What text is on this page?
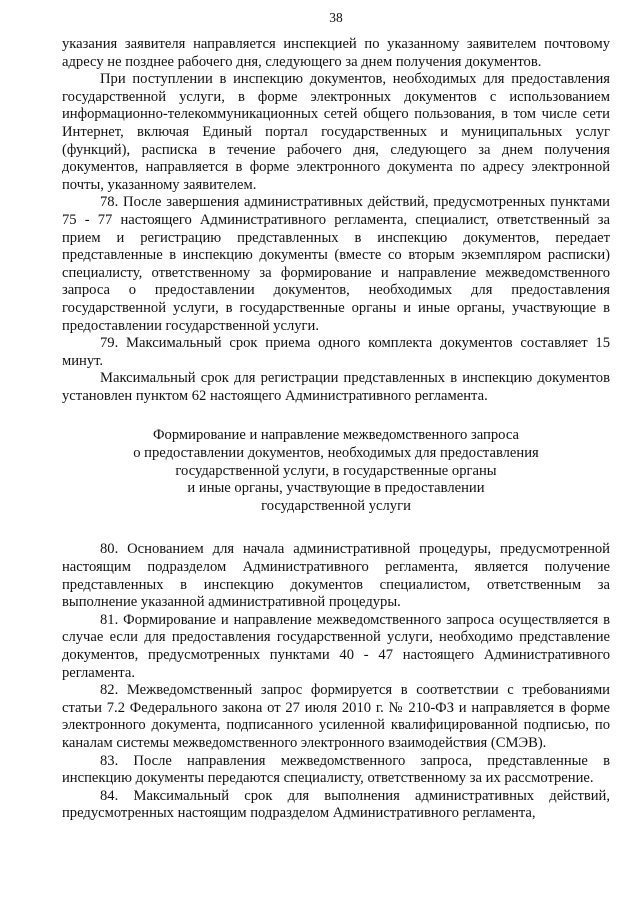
38

указания заявителя направляется инспекцией по указанному заявителем почтовому адресу не позднее рабочего дня, следующего за днем получения документов.

При поступлении в инспекцию документов, необходимых для предоставления государственной услуги, в форме электронных документов с использованием информационно-телекоммуникационных сетей общего пользования, в том числе сети Интернет, включая Единый портал государственных и муниципальных услуг (функций), расписка в течение рабочего дня, следующего за днем получения документов, направляется в форме электронного документа по адресу электронной почты, указанному заявителем.

78. После завершения административных действий, предусмотренных пунктами 75 - 77 настоящего Административного регламента, специалист, ответственный за прием и регистрацию представленных в инспекцию документов, передает представленные в инспекцию документы (вместе со вторым экземпляром расписки) специалисту, ответственному за формирование и направление межведомственного запроса о предоставлении документов, необходимых для предоставления государственной услуги, в государственные органы и иные органы, участвующие в предоставлении государственной услуги.

79. Максимальный срок приема одного комплекта документов составляет 15 минут.

Максимальный срок для регистрации представленных в инспекцию документов установлен пунктом 62 настоящего Административного регламента.

Формирование и направление межведомственного запроса
о предоставлении документов, необходимых для предоставления
государственной услуги, в государственные органы
и иные органы, участвующие в предоставлении
государственной услуги

80. Основанием для начала административной процедуры, предусмотренной настоящим подразделом Административного регламента, является получение представленных в инспекцию документов специалистом, ответственным за выполнение указанной административной процедуры.

81. Формирование и направление межведомственного запроса осуществляется в случае если для предоставления государственной услуги, необходимо представление документов, предусмотренных пунктами 40 - 47 настоящего Административного регламента.

82. Межведомственный запрос формируется в соответствии с требованиями статьи 7.2 Федерального закона от 27 июля 2010 г. № 210-ФЗ и направляется в форме электронного документа, подписанного усиленной квалифицированной подписью, по каналам системы межведомственного электронного взаимодействия (СМЭВ).

83. После направления межведомственного запроса, представленные в инспекцию документы передаются специалисту, ответственному за их рассмотрение.

84. Максимальный срок для выполнения административных действий, предусмотренных настоящим подразделом Административного регламента,
